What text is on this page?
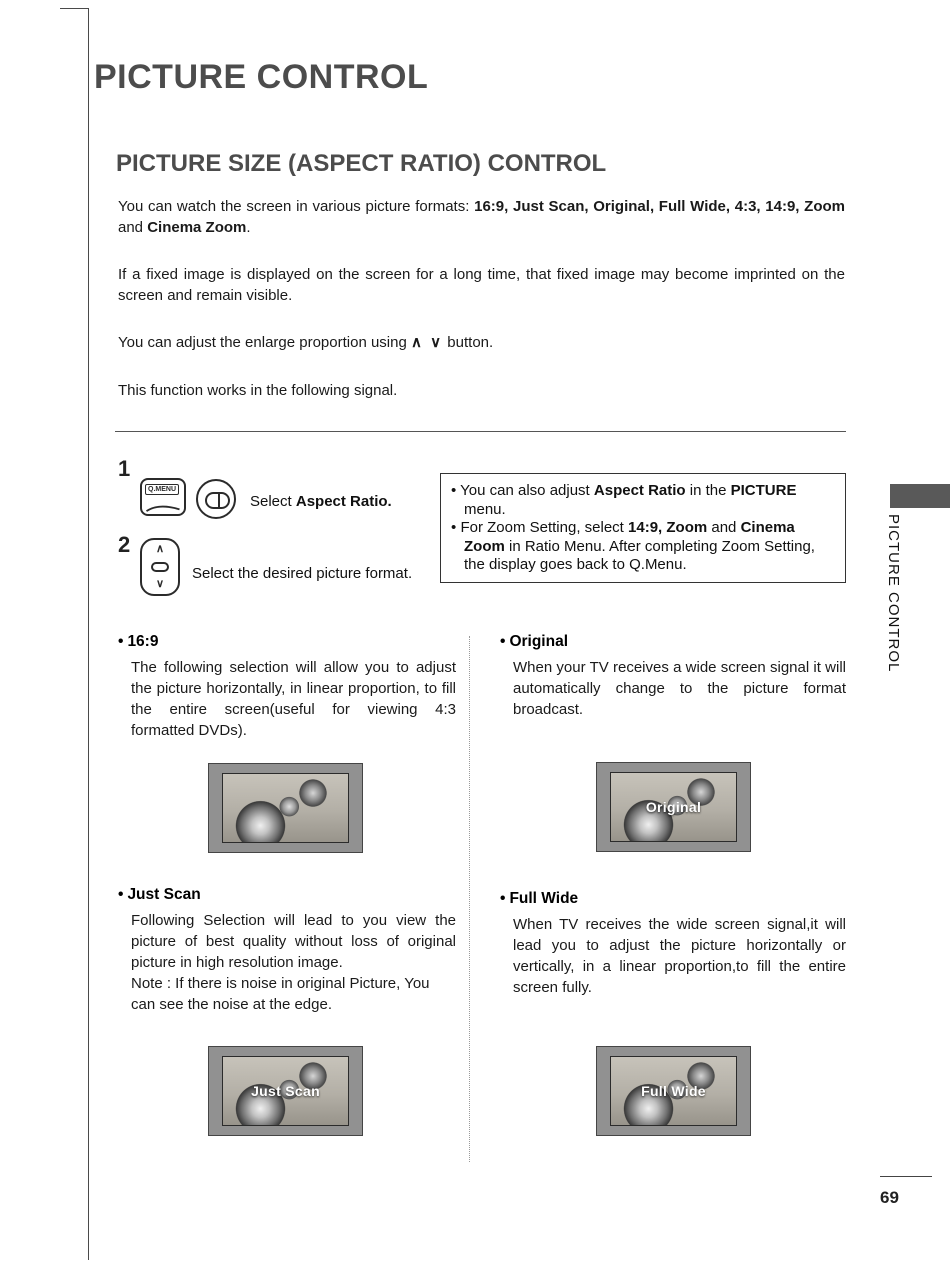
PICTURE CONTROL
PICTURE SIZE (ASPECT RATIO) CONTROL

You can watch the screen in various picture formats: 16:9, Just Scan, Original, Full Wide, 4:3, 14:9, Zoom and Cinema Zoom.

If a fixed image is displayed on the screen for a long time, that fixed image may become imprinted on the screen and remain visible.

You can adjust the enlarge proportion using ∧ ∨ button.

This function works in the following signal.

1
Q.MENU
Select Aspect Ratio.
2 ∧
∨
Select the desired picture format.

• You can also adjust Aspect Ratio in the PICTURE menu.

• For Zoom Setting, select 14:9, Zoom and Cinema Zoom in Ratio Menu. After completing Zoom Setting, the display goes back to Q.Menu.	PICTURE CONTROL
• 16:9

The following selection will allow you to adjust the picture horizontally, in linear proportion, to fill the entire screen(useful for viewing 4:3 formatted DVDs).

• Original

When your TV receives a wide screen signal it will automatically change to the picture format broadcast.

Original
• Just Scan

Following Selection will lead to you view the picture of best quality without loss of original picture in high resolution image.

Note : If there is noise in original Picture, You can see the noise at the edge.

Just Scan
• Full Wide

When TV receives the wide screen signal,it will lead you to adjust the picture horizontally or vertically, in a linear proportion,to fill the entire screen fully.

Full Wide
69
